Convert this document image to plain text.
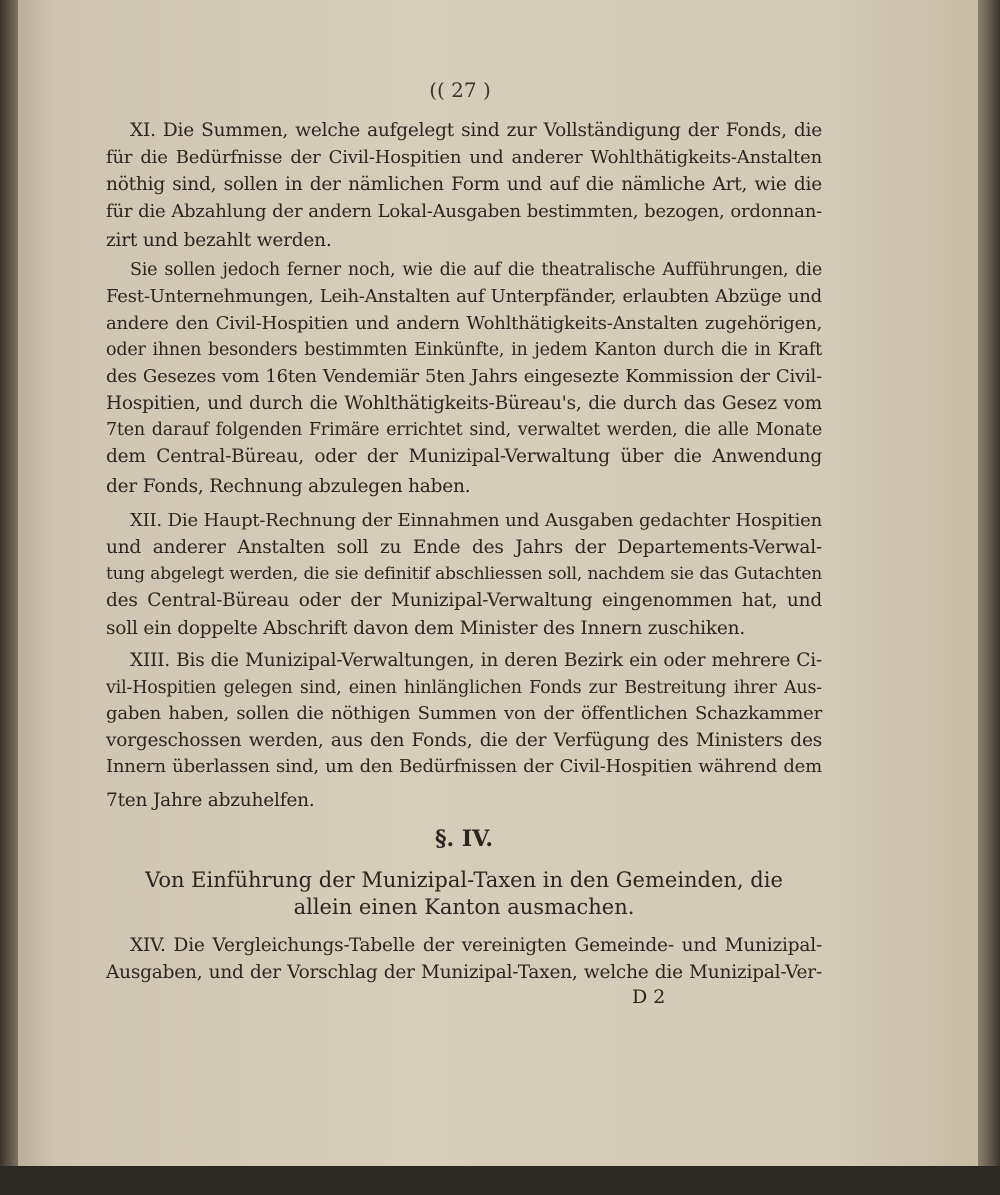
(( 27 )
XI. Die Summen, welche aufgelegt sind zur Vollständigung der Fonds, die
für die Bedürfnisse der Civil-Hospitien und anderer Wohlthätigkeits-Anstalten
nöthig sind, sollen in der nämlichen Form und auf die nämliche Art, wie die
für die Abzahlung der andern Lokal-Ausgaben bestimmten, bezogen, ordonnan-
zirt und bezahlt werden.
Sie sollen jedoch ferner noch, wie die auf die theatralische Aufführungen, die
Fest-Unternehmungen, Leih-Anstalten auf Unterpfänder, erlaubten Abzüge und
andere den Civil-Hospitien und andern Wohlthätigkeits-Anstalten zugehörigen,
oder ihnen besonders bestimmten Einkünfte, in jedem Kanton durch die in Kraft
des Gesezes vom 16ten Vendemiär 5ten Jahrs eingesezte Kommission der Civil-
Hospitien, und durch die Wohlthätigkeits-Büreau's, die durch das Gesez vom
7ten darauf folgenden Frimäre errichtet sind, verwaltet werden, die alle Monate
dem Central-Büreau, oder der Munizipal-Verwaltung über die Anwendung
der Fonds, Rechnung abzulegen haben.
XII. Die Haupt-Rechnung der Einnahmen und Ausgaben gedachter Hospitien
und anderer Anstalten soll zu Ende des Jahrs der Departements-Verwal-
tung abgelegt werden, die sie definitif abschliessen soll, nachdem sie das Gutachten
des Central-Büreau oder der Munizipal-Verwaltung eingenommen hat, und
soll ein doppelte Abschrift davon dem Minister des Innern zuschiken.
XIII. Bis die Munizipal-Verwaltungen, in deren Bezirk ein oder mehrere Ci-
vil-Hospitien gelegen sind, einen hinlänglichen Fonds zur Bestreitung ihrer Aus-
gaben haben, sollen die nöthigen Summen von der öffentlichen Schazkammer
vorgeschossen werden, aus den Fonds, die der Verfügung des Ministers des
Innern überlassen sind, um den Bedürfnissen der Civil-Hospitien während dem
7ten Jahre abzuhelfen.
§. IV.
Von Einführung der Munizipal-Taxen in den Gemeinden, die
allein einen Kanton ausmachen.
XIV. Die Vergleichungs-Tabelle der vereinigten Gemeinde- und Munizipal-
Ausgaben, und der Vorschlag der Munizipal-Taxen, welche die Munizipal-Ver-
D 2
